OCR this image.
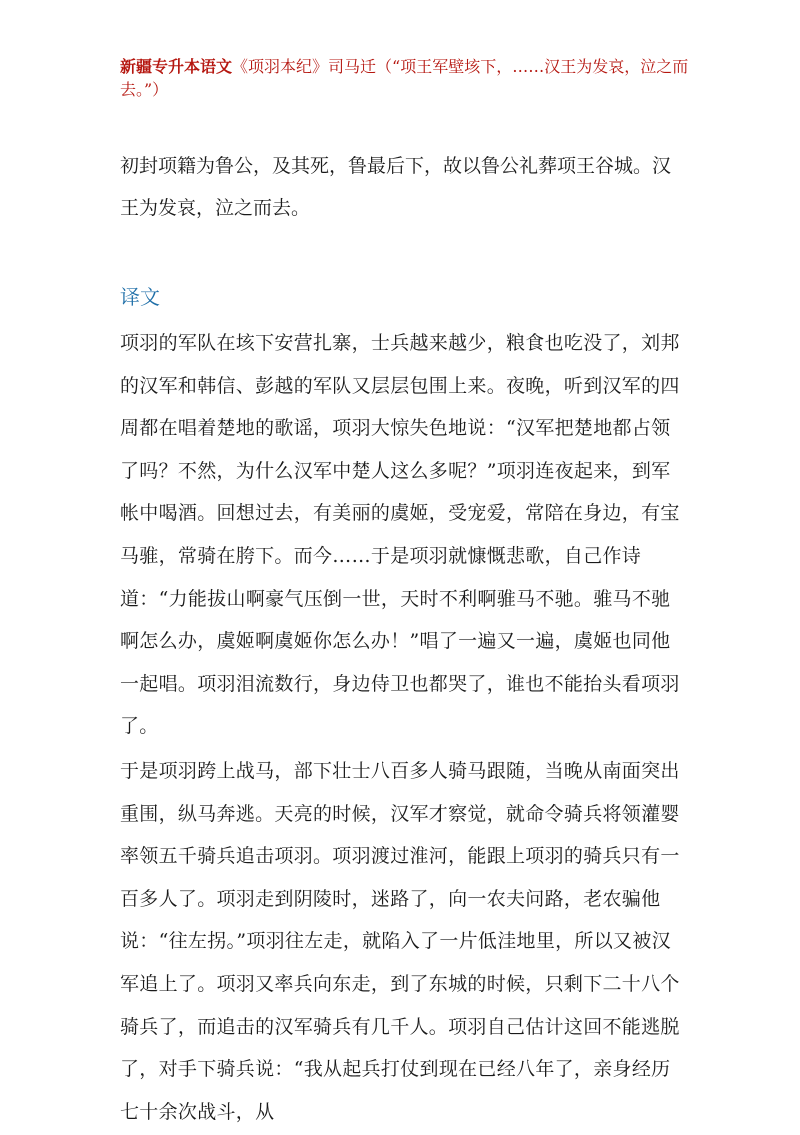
新疆专升本语文《项羽本纪》司马迁（“项王军壁垓下，……汉王为发哀，泣之而去。”）
初封项籍为鲁公，及其死，鲁最后下，故以鲁公礼葬项王谷城。汉王为发哀，泣之而去。
译文

项羽的军队在垓下安营扎寨，士兵越来越少，粮食也吃没了，刘邦的汉军和韩信、彭越的军队又层层包围上来。夜晚，听到汉军的四周都在唱着楚地的歌谣，项羽大惊失色地说：“汉军把楚地都占领了吗？不然，为什么汉军中楚人这么多呢？”项羽连夜起来，到军帐中喝酒。回想过去，有美丽的虞姬，受宠爱，常陪在身边，有宝马骓，常骑在胯下。而今……于是项羽就慷慨悲歌，自己作诗道：“力能拔山啊豪气压倒一世，天时不利啊骓马不驰。骓马不驰啊怎么办，虞姬啊虞姬你怎么办！”唱了一遍又一遍，虞姬也同他一起唱。项羽泪流数行，身边侍卫也都哭了，谁也不能抬头看项羽了。

于是项羽跨上战马，部下壮士八百多人骑马跟随，当晚从南面突出重围，纵马奔逃。天亮的时候，汉军才察觉，就命令骑兵将领灌婴率领五千骑兵追击项羽。项羽渡过淮河，能跟上项羽的骑兵只有一百多人了。项羽走到阴陵时，迷路了，向一农夫问路，老农骗他说：“往左拐。”项羽往左走，就陷入了一片低洼地里，所以又被汉军追上了。项羽又率兵向东走，到了东城的时候，只剩下二十八个骑兵了，而追击的汉军骑兵有几千人。项羽自己估计这回不能逃脱了，对手下骑兵说：“我从起兵打仗到现在已经八年了，亲身经历七十余次战斗，从
